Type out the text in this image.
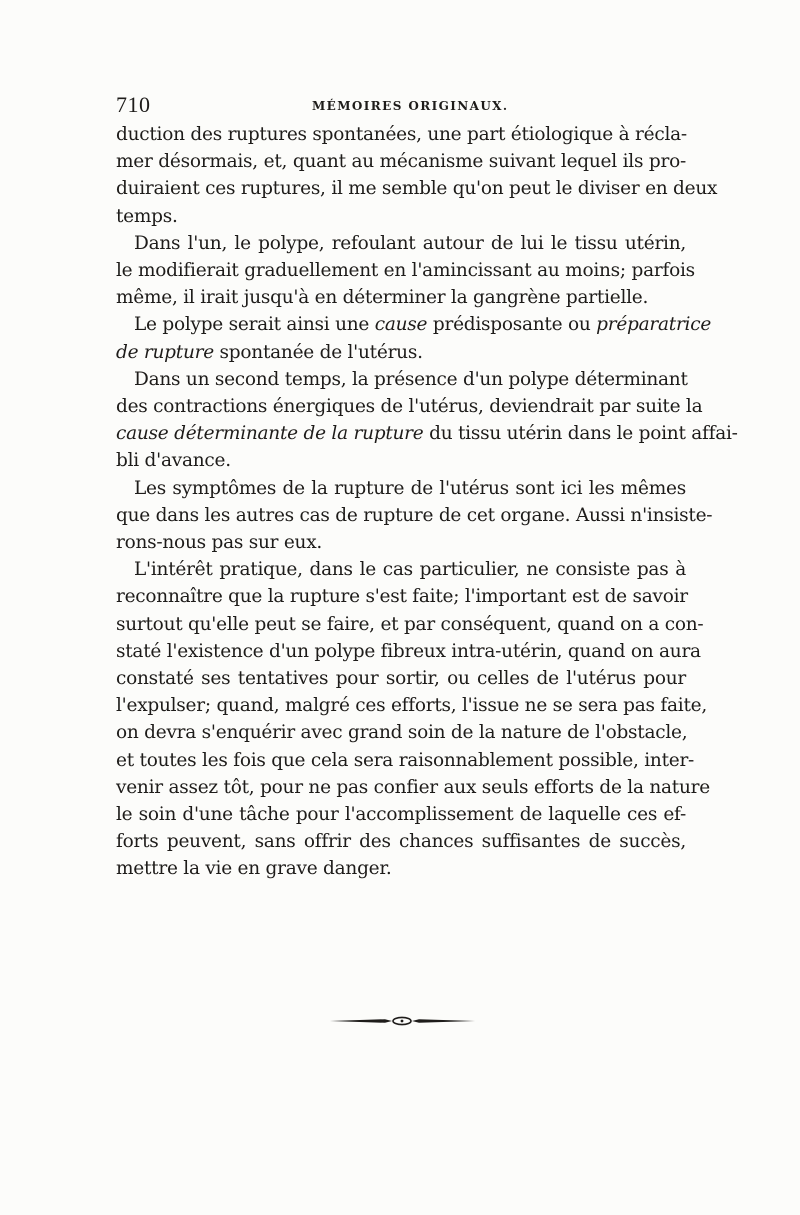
710	MÉMOIRES ORIGINAUX.
duction des ruptures spontanées, une part étiologique à récla-
mer désormais, et, quant au mécanisme suivant lequel ils pro-
duiraient ces ruptures, il me semble qu'on peut le diviser en deux
temps.
Dans l'un, le polype, refoulant autour de lui le tissu utérin,
le modifierait graduellement en l'amincissant au moins; parfois
même, il irait jusqu'à en déterminer la gangrène partielle.
Le polype serait ainsi une cause prédisposante ou préparatrice
de rupture spontanée de l'utérus.
Dans un second temps, la présence d'un polype déterminant
des contractions énergiques de l'utérus, deviendrait par suite la
cause déterminante de la rupture du tissu utérin dans le point affai-
bli d'avance.
Les symptômes de la rupture de l'utérus sont ici les mêmes
que dans les autres cas de rupture de cet organe. Aussi n'insiste-
rons-nous pas sur eux.
L'intérêt pratique, dans le cas particulier, ne consiste pas à
reconnaître que la rupture s'est faite; l'important est de savoir
surtout qu'elle peut se faire, et par conséquent, quand on a con-
staté l'existence d'un polype fibreux intra-utérin, quand on aura
constaté ses tentatives pour sortir, ou celles de l'utérus pour
l'expulser; quand, malgré ces efforts, l'issue ne se sera pas faite,
on devra s'enquérir avec grand soin de la nature de l'obstacle,
et toutes les fois que cela sera raisonnablement possible, inter-
venir assez tôt, pour ne pas confier aux seuls efforts de la nature
le soin d'une tâche pour l'accomplissement de laquelle ces ef-
forts peuvent, sans offrir des chances suffisantes de succès,
mettre la vie en grave danger.
